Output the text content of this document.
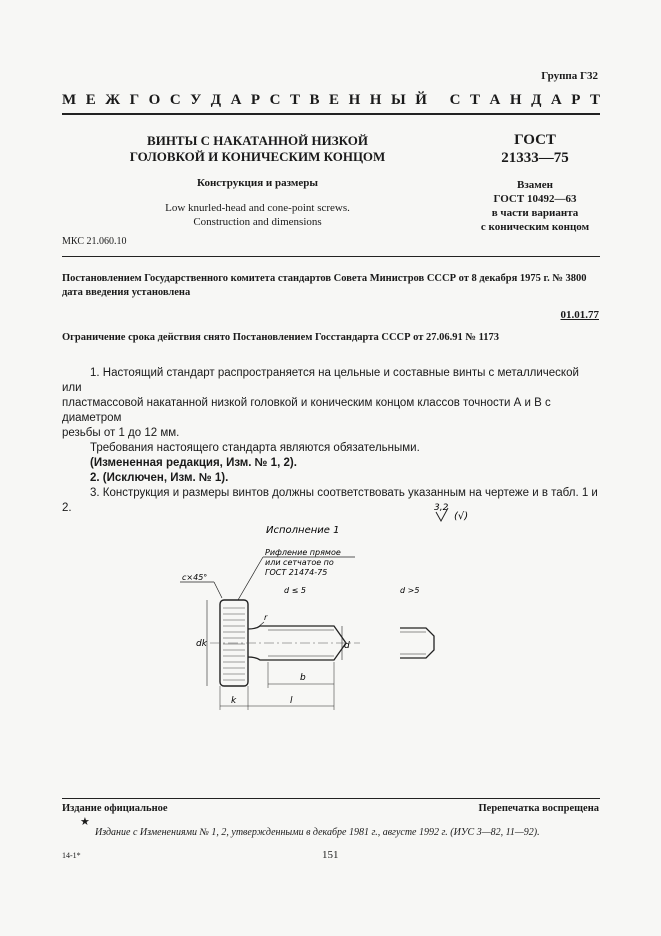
Группа Г32
М Е Ж Г О С У Д А Р С Т В Е Н Н Ы Й
С Т А Н Д А Р Т
ВИНТЫ С НАКАТАННОЙ НИЗКОЙ
ГОЛОВКОЙ И КОНИЧЕСКИМ КОНЦОМ
Конструкция и размеры
Low knurled-head and cone-point screws.
Construction and dimensions
ГОСТ
21333—75
Взамен
ГОСТ 10492—63
в части варианта
с коническим концом
МКС 21.060.10
Постановлением Государственного комитета стандартов Совета Министров СССР от 8 декабря 1975 г. № 3800
дата введения установлена
01.01.77
Ограничение срока действия снято Постановлением Госстандарта СССР от 27.06.91 № 1173

1. Настоящий стандарт распространяется на цельные и составные винты с металлической или

пластмассовой накатанной низкой головкой и коническим концом классов точности А и В с диаметром
резьбы от 1 до 12 мм.

Требования настоящего стандарта являются обязательными.

(Измененная редакция, Изм. № 1, 2).

2. (Исключен, Изм. № 1).

3. Конструкция и размеры винтов должны соответствовать указанным на чертеже и в табл. 1 и 2.	3,2
(√)
Исполнение 1
Рифление прямое
или сетчатое по
ГОСТ 21474-75
c×45°
d ≤ 5	d >5
r
dk	d
b
k	l
Издание официальное	Перепечатка воспрещена
★
Издание с Изменениями № 1, 2, утвержденными в декабре 1981 г., августе 1992 г. (ИУС 3—82, 11—92).
14-1*	151
